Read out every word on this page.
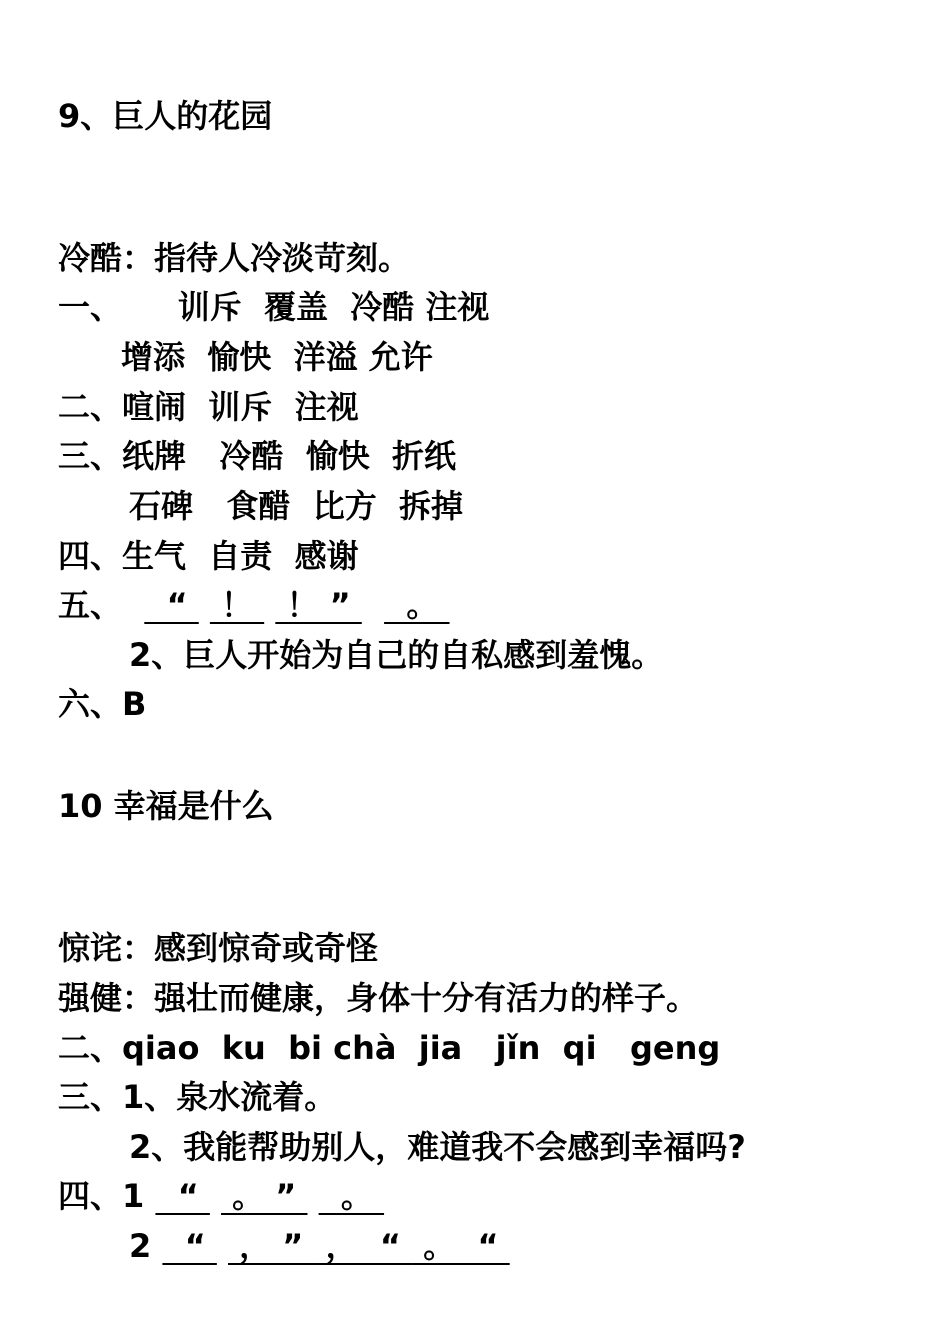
9、巨人的花园
冷酷：指待人冷淡苛刻。
一、     训斥  覆盖  冷酷 注视
增添  愉快  洋溢 允许
二、喧闹  训斥  注视
三、纸牌   冷酷  愉快  折纸
石碑   食醋  比方  拆掉
四、生气  自责  感谢
五、    “   ！   ！ ”     。
2、巨人开始为自己的自私感到羞愧。
六、B
10 幸福是什么
惊诧：感到惊奇或奇怪
强健：强壮而健康，身体十分有活力的样子。
二、qiao  ku  bi chà  jia   jǐn  qi   geng
三、1、泉水流着。
2、我能帮助别人，难道我不会感到幸福吗?
四、1   “   。 ”    。
2   “   ， ”  ，  “  。  “
